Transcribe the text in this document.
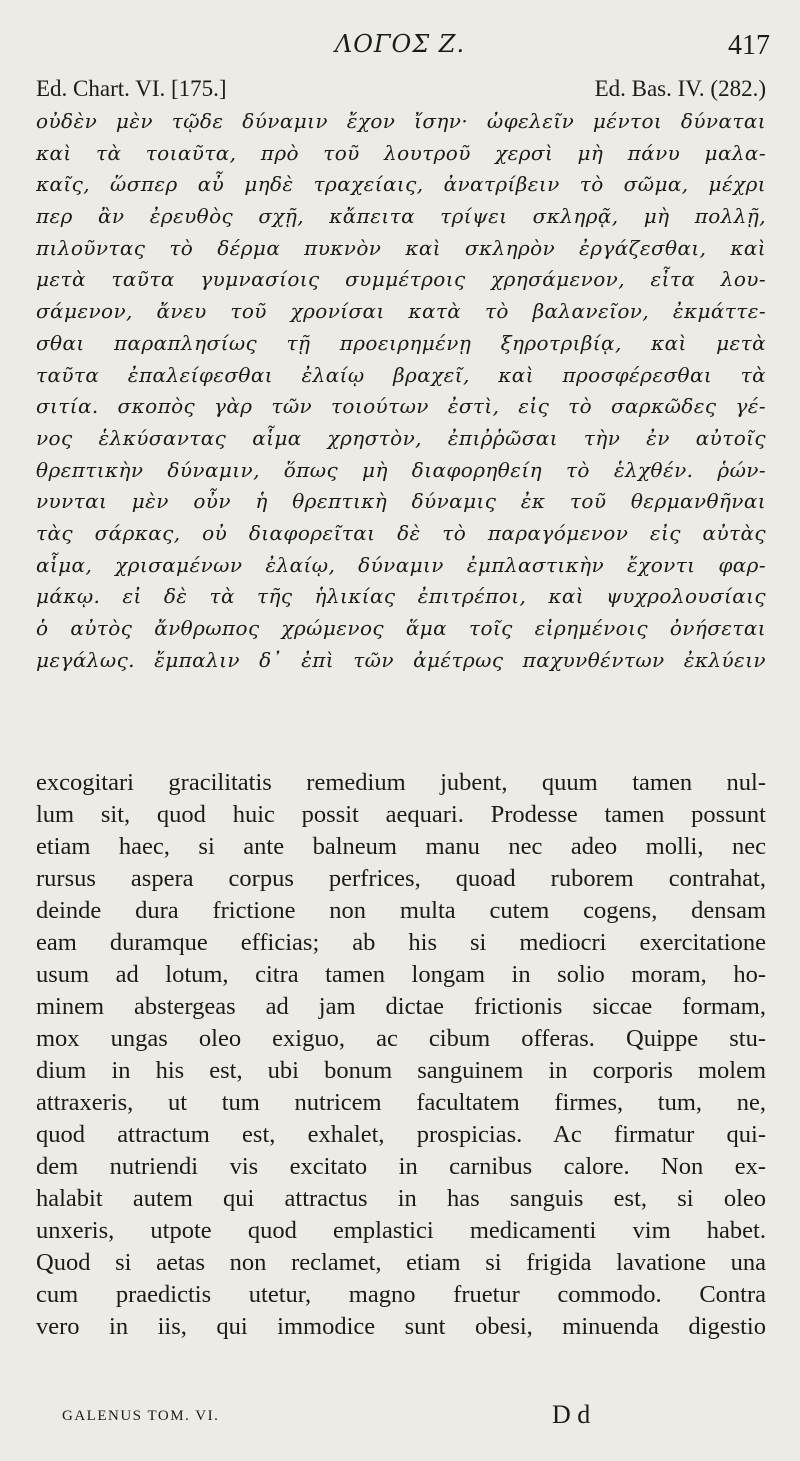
ΛΟΓΟΣ Ζ.	417
Ed. Chart. VI. [175.]	Ed. Bas. IV. (282.)
οὐδὲν μὲν τῷδε δύναμιν ἔχον ἴσην· ὠφελεῖν μέντοι δύναται
καὶ τὰ τοιαῦτα, πρὸ τοῦ λουτροῦ χερσὶ μὴ πάνυ μαλα-
καῖς, ὥσπερ αὖ μηδὲ τραχείαις, ἀνατρίβειν τὸ σῶμα, μέχρι
περ ἂν ἐρευθὸς σχῇ, κἄπειτα τρίψει σκληρᾷ, μὴ πολλῇ,
πιλοῦντας τὸ δέρμα πυκνὸν καὶ σκληρὸν ἐργάζεσθαι, καὶ
μετὰ ταῦτα γυμνασίοις συμμέτροις χρησάμενον, εἶτα λου-
σάμενον, ἄνευ τοῦ χρονίσαι κατὰ τὸ βαλανεῖον, ἐκμάττε-
σθαι παραπλησίως τῇ προειρημένῃ ξηροτριβίᾳ, καὶ μετὰ
ταῦτα ἐπαλείφεσθαι ἐλαίῳ βραχεῖ, καὶ προσφέρεσθαι τὰ
σιτία. σκοπὸς γὰρ τῶν τοιούτων ἐστὶ, εἰς τὸ σαρκῶδες γέ-
νος ἑλκύσαντας αἷμα χρηστὸν, ἐπιῤῥῶσαι τὴν ἐν αὐτοῖς
θρεπτικὴν δύναμιν, ὅπως μὴ διαφορηθείη τὸ ἑλχθέν. ῥών-
νυνται μὲν οὖν ἡ θρεπτικὴ δύναμις ἐκ τοῦ θερμανθῆναι
τὰς σάρκας, οὐ διαφορεῖται δὲ τὸ παραγόμενον εἰς αὐτὰς
αἷμα, χρισαμένων ἐλαίῳ, δύναμιν ἐμπλαστικὴν ἔχοντι φαρ-
μάκῳ. εἰ δὲ τὰ τῆς ἡλικίας ἐπιτρέποι, καὶ ψυχρολουσίαις
ὁ αὐτὸς ἄνθρωπος χρώμενος ἅμα τοῖς εἰρημένοις ὀνήσεται
μεγάλως. ἔμπαλιν δ᾽ ἐπὶ τῶν ἀμέτρως παχυνθέντων ἐκλύειν
excogitari gracilitatis remedium jubent, quum tamen nul-
lum sit, quod huic possit aequari. Prodesse tamen possunt
etiam haec, si ante balneum manu nec adeo molli, nec
rursus aspera corpus perfrices, quoad ruborem contrahat,
deinde dura frictione non multa cutem cogens, densam
eam duramque efficias; ab his si mediocri exercitatione
usum ad lotum, citra tamen longam in solio moram, ho-
minem abstergeas ad jam dictae frictionis siccae formam,
mox ungas oleo exiguo, ac cibum offeras. Quippe stu-
dium in his est, ubi bonum sanguinem in corporis molem
attraxeris, ut tum nutricem facultatem firmes, tum, ne,
quod attractum est, exhalet, prospicias. Ac firmatur qui-
dem nutriendi vis excitato in carnibus calore. Non ex-
halabit autem qui attractus in has sanguis est, si oleo
unxeris, utpote quod emplastici medicamenti vim habet.
Quod si aetas non reclamet, etiam si frigida lavatione una
cum praedictis utetur, magno fruetur commodo. Contra
vero in iis, qui immodice sunt obesi, minuenda digestio
GALENUS TOM. VI.	D d
